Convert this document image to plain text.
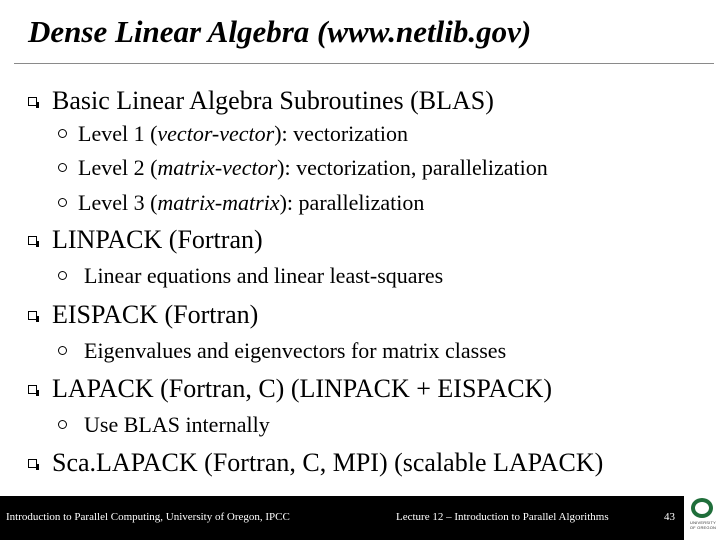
Dense Linear Algebra (www.netlib.gov)
Basic Linear Algebra Subroutines (BLAS)
Level 1 (vector-vector): vectorization
Level 2 (matrix-vector): vectorization, parallelization
Level 3 (matrix-matrix): parallelization
LINPACK (Fortran)
Linear equations and linear least-squares
EISPACK (Fortran)
Eigenvalues and eigenvectors for matrix classes
LAPACK (Fortran, C) (LINPACK + EISPACK)
Use BLAS internally
Sca.LAPACK (Fortran, C, MPI) (scalable LAPACK)
Introduction to Parallel Computing, University of Oregon, IPCC	Lecture 12 – Introduction to Parallel Algorithms	43	UNIVERSITY OF OREGON
